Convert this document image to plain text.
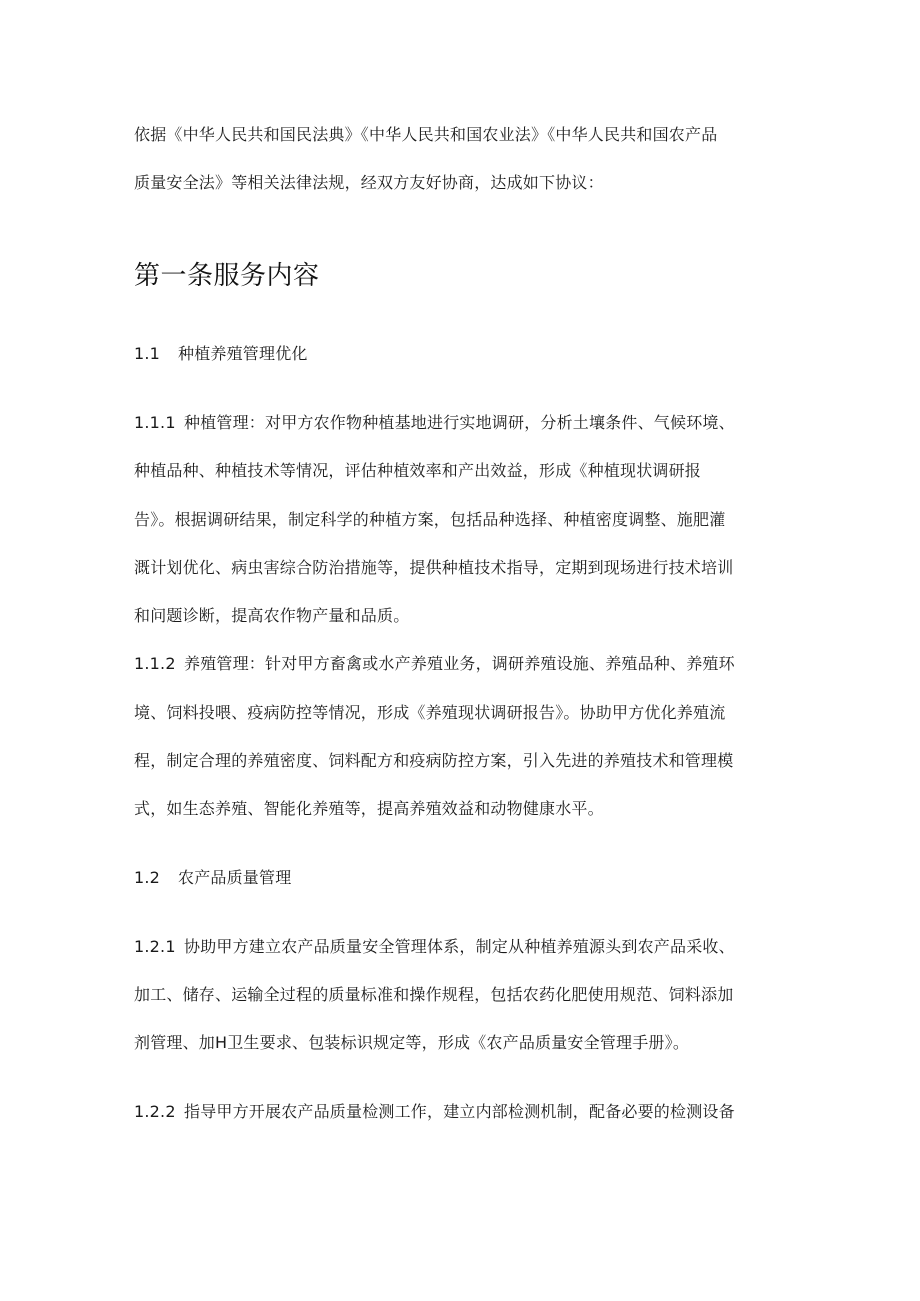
依据《中华人民共和国民法典》《中华人民共和国农业法》《中华人民共和国农产品
质量安全法》等相关法律法规，经双方友好协商，达成如下协议：
第一条服务内容
1.1 种植养殖管理优化
1.1.1 种植管理：对甲方农作物种植基地进行实地调研，分析土壤条件、气候环境、
种植品种、种植技术等情况，评估种植效率和产出效益，形成《种植现状调研报
告》。根据调研结果，制定科学的种植方案，包括品种选择、种植密度调整、施肥灌
溉计划优化、病虫害综合防治措施等，提供种植技术指导，定期到现场进行技术培训
和问题诊断，提高农作物产量和品质。
1.1.2 养殖管理：针对甲方畜禽或水产养殖业务，调研养殖设施、养殖品种、养殖环
境、饲料投喂、疫病防控等情况，形成《养殖现状调研报告》。协助甲方优化养殖流
程，制定合理的养殖密度、饲料配方和疫病防控方案，引入先进的养殖技术和管理模
式，如生态养殖、智能化养殖等，提高养殖效益和动物健康水平。
1.2 农产品质量管理
1.2.1 协助甲方建立农产品质量安全管理体系，制定从种植养殖源头到农产品采收、
加工、储存、运输全过程的质量标准和操作规程，包括农药化肥使用规范、饲料添加
剂管理、加H卫生要求、包装标识规定等，形成《农产品质量安全管理手册》。
1.2.2 指导甲方开展农产品质量检测工作，建立内部检测机制，配备必要的检测设备
